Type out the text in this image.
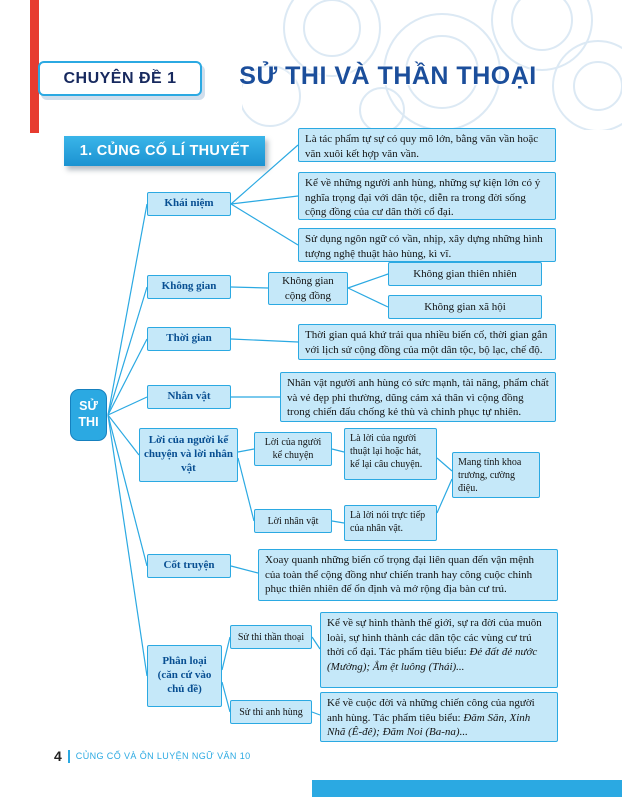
CHUYÊN ĐỀ 1	SỬ THI VÀ THẦN THOẠI
1. CỦNG CỐ LÍ THUYẾT
SỬ THI
Khái niệm
Là tác phẩm tự sự có quy mô lớn, bằng văn vần hoặc văn xuôi kết hợp văn vần.
Kể về những người anh hùng, những sự kiện lớn có ý nghĩa trọng đại với dân tộc, diễn ra trong đời sống cộng đồng của cư dân thời cổ đại.
Sử dụng ngôn ngữ có vần, nhịp, xây dựng những hình tượng nghệ thuật hào hùng, kì vĩ.
Không gian	Không gian cộng đồng
Không gian thiên nhiên
Không gian xã hội
Thời gian	Thời gian quá khứ trải qua nhiều biến cố, thời gian gắn với lịch sử cộng đồng của một dân tộc, bộ lạc, chế độ.
Nhân vật
Nhân vật người anh hùng có sức mạnh, tài năng, phẩm chất và vẻ đẹp phi thường, dũng cảm xả thân vì cộng đồng trong chiến đấu chống kẻ thù và chinh phục tự nhiên.
Lời của người kể chuyện và lời nhân vật
Lời của người kể chuyện
Là lời của người thuật lại hoặc hát, kể lại câu chuyện.	Mang tính khoa trương, cường điệu.
Lời nhân vật	Là lời nói trực tiếp của nhân vật.
Cốt truyện	Xoay quanh những biến cố trọng đại liên quan đến vận mệnh của toàn thể cộng đồng như chiến tranh hay công cuộc chinh phục thiên nhiên để ổn định và mở rộng địa bàn cư trú.
Phân loại (căn cứ vào chủ đề)
Sử thi thần thoại
Kể về sự hình thành thế giới, sự ra đời của muôn loài, sự hình thành các dân tộc các vùng cư trú thời cổ đại. Tác phẩm tiêu biểu: Đẻ đất đẻ nước (Mường); Ẳm ệt luông (Thái)...
Sử thi anh hùng
Kể về cuộc đời và những chiến công của người anh hùng. Tác phẩm tiêu biểu: Đăm Săn, Xinh Nhã (Ê-đê); Đăm Noi (Ba-na)...
4 CỦNG CỐ VÀ ÔN LUYỆN NGỮ VĂN 10
